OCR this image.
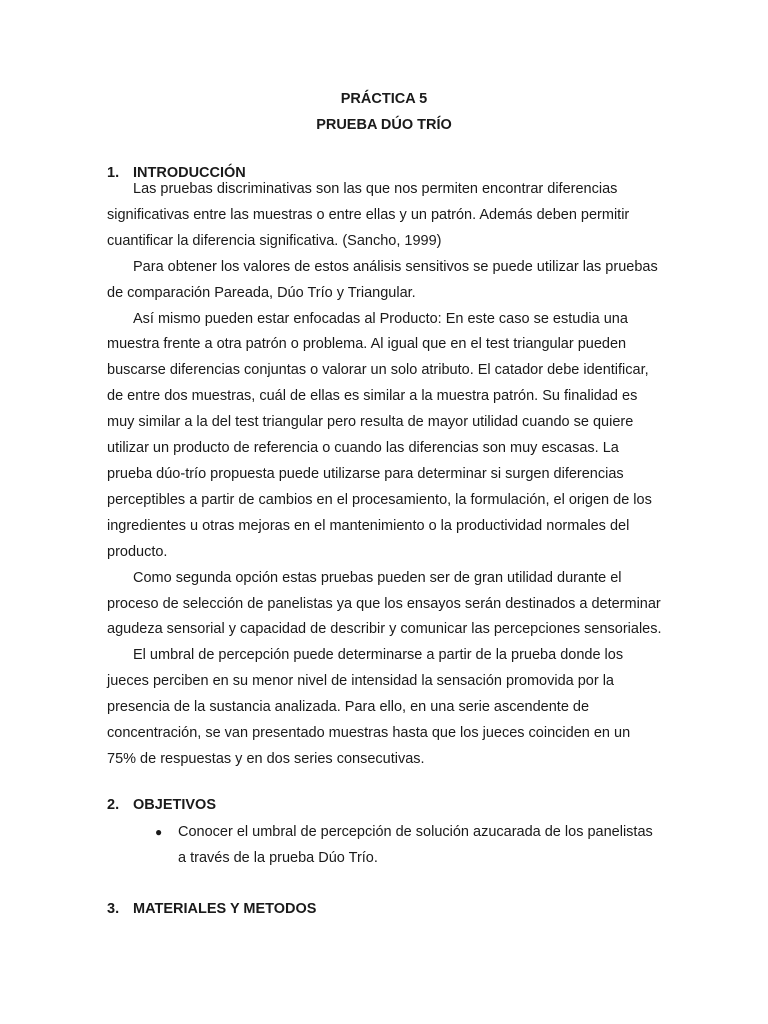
PRÁCTICA 5
PRUEBA DÚO TRÍO
1. INTRODUCCIÓN

Las pruebas discriminativas son las que nos permiten encontrar diferencias significativas entre las muestras o entre ellas y un patrón. Además deben permitir cuantificar la diferencia significativa. (Sancho, 1999)

Para obtener los valores de estos análisis sensitivos se puede utilizar las pruebas de comparación Pareada, Dúo Trío y Triangular.

Así mismo pueden estar enfocadas al Producto: En este caso se estudia una muestra frente a otra patrón o problema. Al igual que en el test triangular pueden buscarse diferencias conjuntas o valorar un solo atributo. El catador debe identificar, de entre dos muestras, cuál de ellas es similar a la muestra patrón. Su finalidad es muy similar a la del test triangular pero resulta de mayor utilidad cuando se quiere utilizar un producto de referencia o cuando las diferencias son muy escasas. La prueba dúo-trío propuesta puede utilizarse para determinar si surgen diferencias perceptibles a partir de cambios en el procesamiento, la formulación, el origen de los ingredientes u otras mejoras en el mantenimiento o la productividad normales del producto.

Como segunda opción estas pruebas pueden ser de gran utilidad durante el proceso de selección de panelistas ya que los ensayos serán destinados a determinar agudeza sensorial y capacidad de describir y comunicar las percepciones sensoriales.

El umbral de percepción puede determinarse a partir de la prueba donde los jueces perciben en su menor nivel de intensidad la sensación promovida por la presencia de la sustancia analizada. Para ello, en una serie ascendente de concentración, se van presentado muestras hasta que los jueces coinciden en un 75% de respuestas y en dos series consecutivas.

2. OBJETIVOS
●	Conocer el umbral de percepción de solución azucarada de los panelistas a través de la prueba Dúo Trío.
3. MATERIALES Y METODOS
